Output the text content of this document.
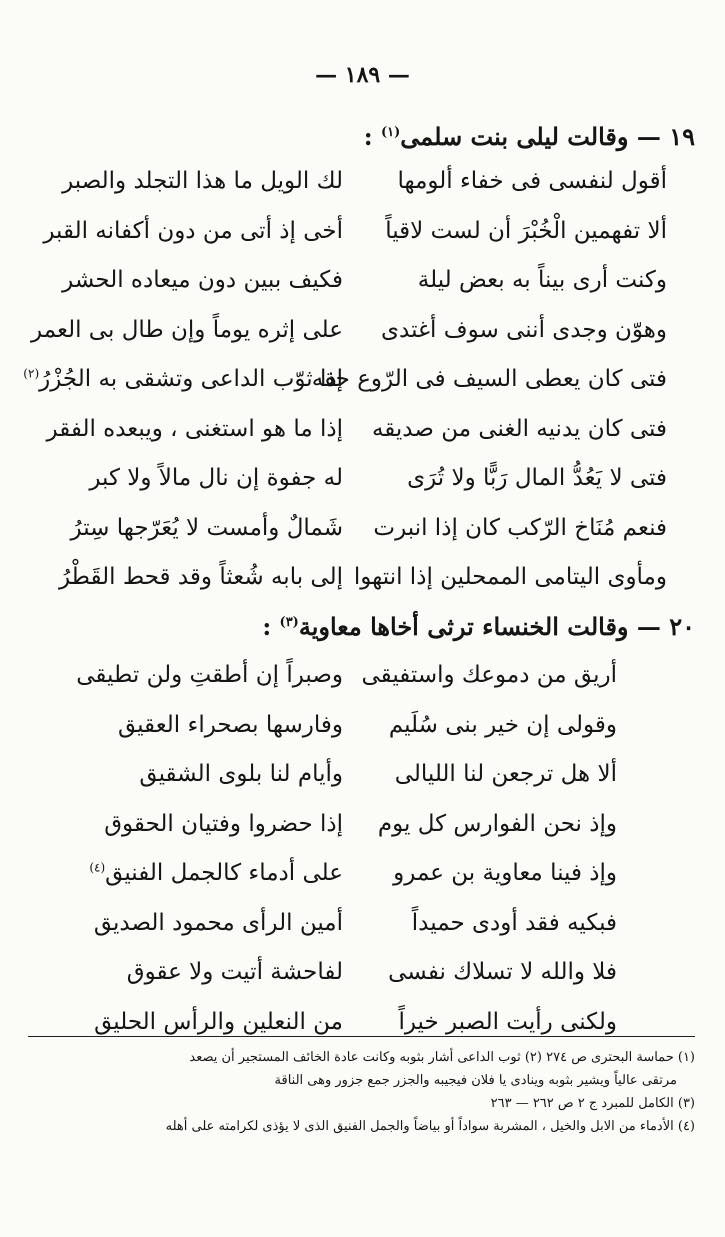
— ١٨٩ —
١٩ — وقالت ليلى بنت سلمى$^{(١)}$ :
أقول لنفسى فى خفاء ألومها
لك الويل ما هذا التجلد والصبر
ألا تفهمين الْخُبْرَ أن لست لاقياً
أخى إذ أتى من دون أكفانه القبر
وكنت أرى بيناً به بعض ليلة
فكيف ببين دون ميعاده الحشر
وهوّن وجدى أننى سوف أغتدى
على إثره يوماً وإن طال بى العمر
فتى كان يعطى السيف فى الرّوع حقه
إذا ثوّب الداعى وتشقى به الجُزْرُ$^{(٢)}$
فتى كان يدنيه الغنى من صديقه
إذا ما هو استغنى ، ويبعده الفقر
فتى لا يَعُدُّ المال رَبًّا ولا تُرَى
له جفوة إن نال مالاً ولا كبر
فنعم مُنَاخ الرّكب كان إذا انبرت
شَمالٌ وأمست لا يُعَرّجها سِترُ
ومأوى اليتامى الممحلين إذا انتهوا
إلى بابه شُعثاً وقد قحط القَطْرُ
٢٠ — وقالت الخنساء ترثى أخاها معاوية$^{(٣)}$ :
أريق من دموعك واستفيقى
وصبراً إن أطقتِ ولن تطيقى
وقولى إن خير بنى سُلَيم
وفارسها بصحراء العقيق
ألا هل ترجعن لنا الليالى
وأيام لنا بلوى الشقيق
وإذ نحن الفوارس كل يوم
إذا حضروا وفتيان الحقوق
وإذ فينا معاوية بن عمرو
على أدماء كالجمل الفنيق$^{(٤)}$
فبكيه فقد أودى حميداً
أمين الرأى محمود الصديق
فلا والله لا تسلاك نفسى
لفاحشة أتيت ولا عقوق
ولكنى رأيت الصبر خيراً
من النعلين والرأس الحليق
(١) حماسة البحترى ص ٢٧٤ (٢) ثوب الداعى أشار بثوبه وكانت عادة الخائف المستجير أن يصعد
مرتقى عالياً ويشير بثوبه وينادى يا فلان فيجيبه والجزر جمع جزور وهى الناقة
(٣) الكامل للمبرد ج ٢ ص ٢٦٢ — ٢٦٣
(٤) الأدماء من الابل والخيل ، المشربة سواداً أو بياضاً والجمل الفنيق الذى لا يؤذى لكرامته على أهله
